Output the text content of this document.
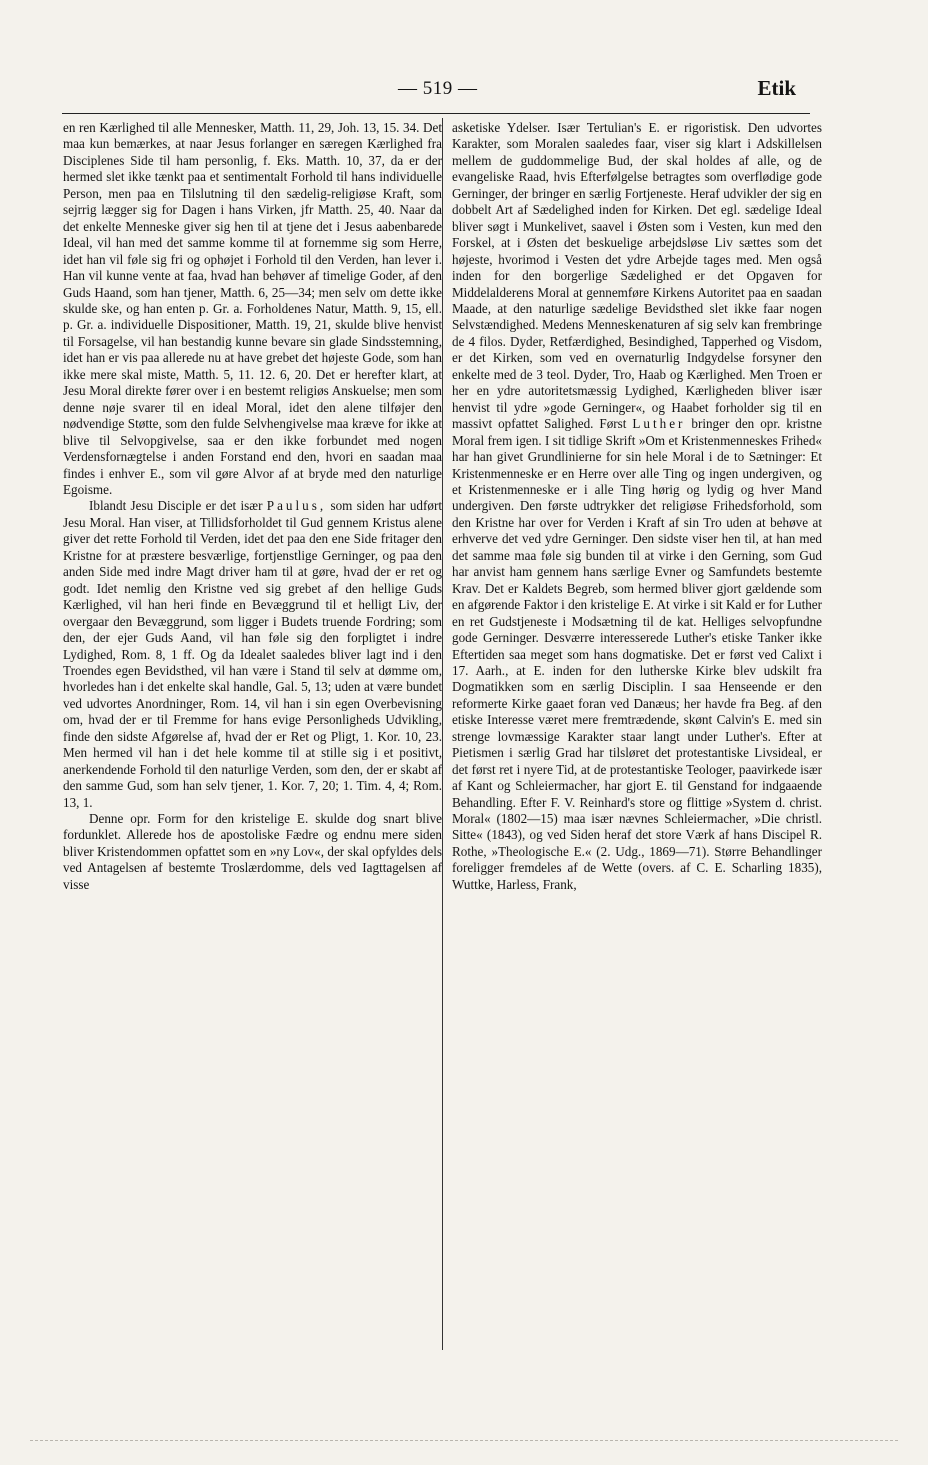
— 519 —	Etik

en ren Kærlighed til alle Mennesker, Matth. 11, 29, Joh. 13, 15. 34. Det maa kun bemærkes, at naar Jesus forlanger en særegen Kærlighed fra Disciplenes Side til ham personlig, f. Eks. Matth. 10, 37, da er der hermed slet ikke tænkt paa et sentimentalt Forhold til hans individuelle Person, men paa en Tilslutning til den sædelig-religiøse Kraft, som sejrrig lægger sig for Dagen i hans Virken, jfr Matth. 25, 40. Naar da det enkelte Menneske giver sig hen til at tjene det i Jesus aabenbarede Ideal, vil han med det samme komme til at fornemme sig som Herre, idet han vil føle sig fri og ophøjet i Forhold til den Verden, han lever i. Han vil kunne vente at faa, hvad han behøver af timelige Goder, af den Guds Haand, som han tjener, Matth. 6, 25—34; men selv om dette ikke skulde ske, og han enten p. Gr. a. Forholdenes Natur, Matth. 9, 15, ell. p. Gr. a. individuelle Dispositioner, Matth. 19, 21, skulde blive henvist til Forsagelse, vil han bestandig kunne bevare sin glade Sindsstemning, idet han er vis paa allerede nu at have grebet det højeste Gode, som han ikke mere skal miste, Matth. 5, 11. 12. 6, 20. Det er herefter klart, at Jesu Moral direkte fører over i en bestemt religiøs Anskuelse; men som denne nøje svarer til en ideal Moral, idet den alene tilføjer den nødvendige Støtte, som den fulde Selvhengivelse maa kræve for ikke at blive til Selvopgivelse, saa er den ikke forbundet med nogen Verdensfornægtelse i anden Forstand end den, hvori en saadan maa findes i enhver E., som vil gøre Alvor af at bryde med den naturlige Egoisme.

Iblandt Jesu Disciple er det især Paulus, som siden har udført Jesu Moral. Han viser, at Tillidsforholdet til Gud gennem Kristus alene giver det rette Forhold til Verden, idet det paa den ene Side fritager den Kristne for at præstere besværlige, fortjenstlige Gerninger, og paa den anden Side med indre Magt driver ham til at gøre, hvad der er ret og godt. Idet nemlig den Kristne ved sig grebet af den hellige Guds Kærlighed, vil han heri finde en Bevæggrund til et helligt Liv, der overgaar den Bevæggrund, som ligger i Budets truende Fordring; som den, der ejer Guds Aand, vil han føle sig den forpligtet i indre Lydighed, Rom. 8, 1 ff. Og da Idealet saaledes bliver lagt ind i den Troendes egen Bevidsthed, vil han være i Stand til selv at dømme om, hvorledes han i det enkelte skal handle, Gal. 5, 13; uden at være bundet ved udvortes Anordninger, Rom. 14, vil han i sin egen Overbevisning om, hvad der er til Fremme for hans evige Personligheds Udvikling, finde den sidste Afgørelse af, hvad der er Ret og Pligt, 1. Kor. 10, 23. Men hermed vil han i det hele komme til at stille sig i et positivt, anerkendende Forhold til den naturlige Verden, som den, der er skabt af den samme Gud, som han selv tjener, 1. Kor. 7, 20; 1. Tim. 4, 4; Rom. 13, 1.

Denne opr. Form for den kristelige E. skulde dog snart blive fordunklet. Allerede hos de apostoliske Fædre og endnu mere siden bliver Kristendommen opfattet som en »ny Lov«, der skal opfyldes dels ved Antagelsen af bestemte Troslærdomme, dels ved Iagttagelsen af visse

asketiske Ydelser. Især Tertulian's E. er rigoristisk. Den udvortes Karakter, som Moralen saaledes faar, viser sig klart i Adskillelsen mellem de guddommelige Bud, der skal holdes af alle, og de evangeliske Raad, hvis Efterfølgelse betragtes som overflødige gode Gerninger, der bringer en særlig Fortjeneste. Heraf udvikler der sig en dobbelt Art af Sædelighed inden for Kirken. Det egl. sædelige Ideal bliver søgt i Munkelivet, saavel i Østen som i Vesten, kun med den Forskel, at i Østen det beskuelige arbejdsløse Liv sættes som det højeste, hvorimod i Vesten det ydre Arbejde tages med. Men også inden for den borgerlige Sædelighed er det Opgaven for Middelalderens Moral at gennemføre Kirkens Autoritet paa en saadan Maade, at den naturlige sædelige Bevidsthed slet ikke faar nogen Selvstændighed. Medens Menneskenaturen af sig selv kan frembringe de 4 filos. Dyder, Retfærdighed, Besindighed, Tapperhed og Visdom, er det Kirken, som ved en overnaturlig Indgydelse forsyner den enkelte med de 3 teol. Dyder, Tro, Haab og Kærlighed. Men Troen er her en ydre autoritetsmæssig Lydighed, Kærligheden bliver især henvist til ydre »gode Gerninger«, og Haabet forholder sig til en massivt opfattet Salighed. Først Luther bringer den opr. kristne Moral frem igen. I sit tidlige Skrift »Om et Kristenmenneskes Frihed« har han givet Grundlinierne for sin hele Moral i de to Sætninger: Et Kristenmenneske er en Herre over alle Ting og ingen undergiven, og et Kristenmenneske er i alle Ting hørig og lydig og hver Mand undergiven. Den første udtrykker det religiøse Frihedsforhold, som den Kristne har over for Verden i Kraft af sin Tro uden at behøve at erhverve det ved ydre Gerninger. Den sidste viser hen til, at han med det samme maa føle sig bunden til at virke i den Gerning, som Gud har anvist ham gennem hans særlige Evner og Samfundets bestemte Krav. Det er Kaldets Begreb, som hermed bliver gjort gældende som en afgørende Faktor i den kristelige E. At virke i sit Kald er for Luther en ret Gudstjeneste i Modsætning til de kat. Helliges selvopfundne gode Gerninger. Desværre interesserede Luther's etiske Tanker ikke Eftertiden saa meget som hans dogmatiske. Det er først ved Calixt i 17. Aarh., at E. inden for den lutherske Kirke blev udskilt fra Dogmatikken som en særlig Disciplin. I saa Henseende er den reformerte Kirke gaaet foran ved Danæus; her havde fra Beg. af den etiske Interesse været mere fremtrædende, skønt Calvin's E. med sin strenge lovmæssige Karakter staar langt under Luther's. Efter at Pietismen i særlig Grad har tilsløret det protestantiske Livsideal, er det først ret i nyere Tid, at de protestantiske Teologer, paavirkede især af Kant og Schleiermacher, har gjort E. til Genstand for indgaaende Behandling. Efter F. V. Reinhard's store og flittige »System d. christ. Moral« (1802—15) maa især nævnes Schleiermacher, »Die christl. Sitte« (1843), og ved Siden heraf det store Værk af hans Discipel R. Rothe, »Theologische E.« (2. Udg., 1869—71). Større Behandlinger foreligger fremdeles af de Wette (overs. af C. E. Scharling 1835), Wuttke, Harless, Frank,
